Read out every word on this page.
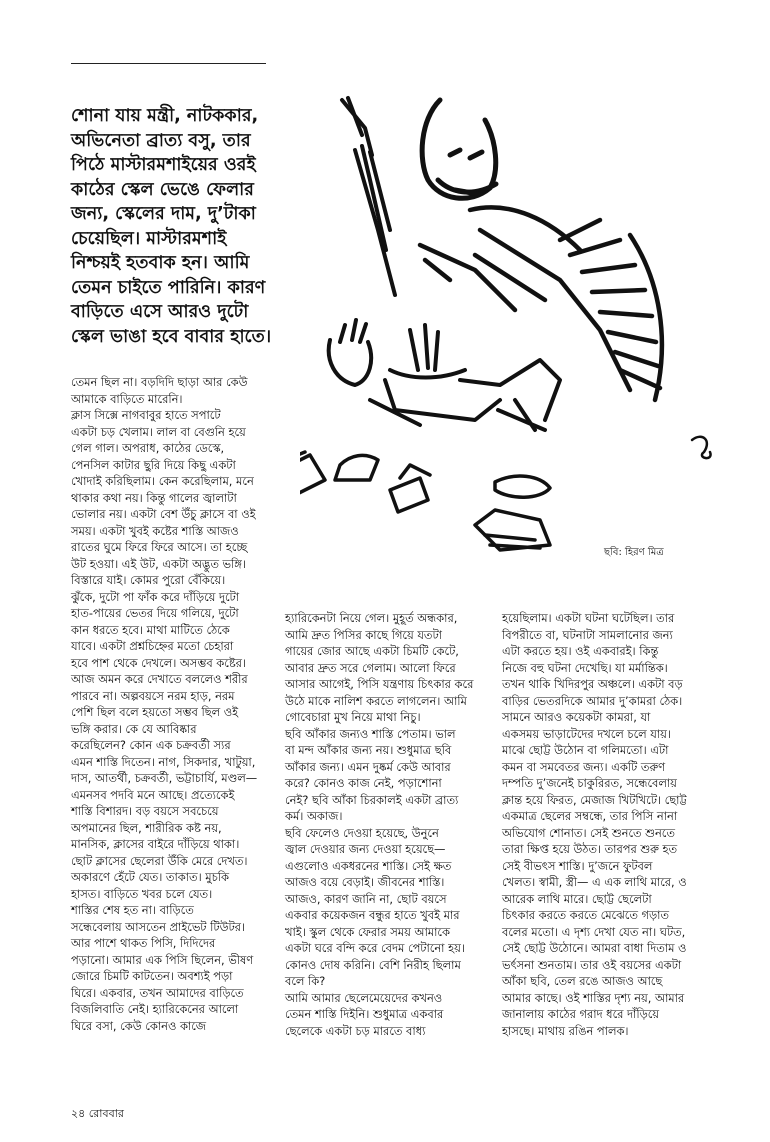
শোনা যায় মন্ত্রী, নাটককার,
অভিনেতা ব্রাত্য বসু, তার
পিঠে মাস্টারমশাইয়ের ওরই
কাঠের স্কেল ভেঙে ফেলার
জন্য, স্কেলের দাম, দু’টাকা
চেয়েছিল। মাস্টারমশাই
নিশ্চয়ই হতবাক হন। আমি
তেমন চাইতে পারিনি। কারণ
বাড়িতে এসে আরও দুটো
স্কেল ভাঙা হবে বাবার হাতে।
ছবি: হিরণ মিত্র
তেমন ছিল না। বড়দিদি ছাড়া আর কেউ
আমাকে বাড়িতে মারেনি।
ক্লাস সিক্সে নাগবাবুর হাতে সপাটে
একটা চড় খেলাম। লাল বা বেগুনি হয়ে
গেল গাল। অপরাধ, কাঠের ডেস্কে,
পেনসিল কাটার ছুরি দিয়ে কিছু একটা
খোদাই করিছিলাম। কেন করেছিলাম, মনে
থাকার কথা নয়। কিন্তু গালের জ্বালাটা
ভোলার নয়। একটা বেশ উঁচু ক্লাসে বা ওই
সময়। একটা খুবই কষ্টের শাস্তি আজও
রাতের ঘুমে ফিরে ফিরে আসে। তা হচ্ছে
উট হওয়া। এই উট, একটা অদ্ভুত ভঙ্গি।
বিস্তারে যাই। কোমর পুরো বেঁকিয়ে।
ঝুঁকে, দুটো পা ফাঁক করে দাঁড়িয়ে দুটো
হাত-পায়ের ভেতর দিয়ে গলিয়ে, দুটো
কান ধরতে হবে। মাথা মাটিতে ঠেকে
যাবে। একটা প্রশ্নচিহ্নের মতো চেহারা
হবে পাশ থেকে দেখলে। অসম্ভব কষ্টের।
আজ অমন করে দেখাতে বললেও শরীর
পারবে না। অল্পবয়সে নরম হাড়, নরম
পেশি ছিল বলে হয়তো সম্ভব ছিল ওই
ভঙ্গি করার। কে যে আবিষ্কার
করেছিলেন? কোন এক চক্রবর্তী স্যর
এমন শাস্তি দিতেন। নাগ, সিকদার, খাটুয়া,
দাস, আতর্থী, চক্রবর্তী, ভট্টাচার্যি, মণ্ডল—
এমনসব পদবি মনে আছে। প্রত্যেকেই
শাস্তি বিশারদ। বড় বয়সে সবচেয়ে
অপমানের ছিল, শারীরিক কষ্ট নয়,
মানসিক, ক্লাসের বাইরে দাঁড়িয়ে থাকা।
ছোট ক্লাসের ছেলেরা উঁকি মেরে দেখত।
অকারণে হেঁটে যেত। তাকাত। মুচকি
হাসত। বাড়িতে খবর চলে যেত।
শাস্তির শেষ হত না। বাড়িতে
সন্ধেবেলায় আসতেন প্রাইভেট টিউটর।
আর পাশে থাকত পিসি, দিদিদের
পড়ানো। আমার এক পিসি ছিলেন, ভীষণ
জোরে চিমটি কাটতেন। অবশ্যই পড়া
ঘিরে। একবার, তখন আমাদের বাড়িতে
বিজলিবাতি নেই। হ্যারিকেনের আলো
ঘিরে বসা, কেউ কোনও কাজে
হ্যারিকেনটা নিয়ে গেল। মুহূর্ত অন্ধকার,
আমি দ্রুত পিসির কাছে গিয়ে যতটা
গায়ের জোর আছে একটা চিমটি কেটে,
আবার দ্রুত সরে গেলাম। আলো ফিরে
আসার আগেই, পিসি যন্ত্রণায় চিৎকার করে
উঠে মাকে নালিশ করতে লাগলেন। আমি
গোবেচারা মুখ নিয়ে মাথা নিচু।
ছবি আঁকার জন্যও শাস্তি পেতাম। ভাল
বা মন্দ আঁকার জন্য নয়। শুধুমাত্র ছবি
আঁকার জন্য। এমন দুষ্কর্ম কেউ আবার
করে? কোনও কাজ নেই, পড়াশোনা
নেই? ছবি আঁকা চিরকালই একটা ব্রাত্য
কর্ম। অকাজ।
ছবি ফেলেও দেওয়া হয়েছে, উনুনে
জ্বাল দেওয়ার জন্য দেওয়া হয়েছে—
এগুলোও একধরনের শাস্তি। সেই ক্ষত
আজও বয়ে বেড়াই। জীবনের শাস্তি।
আজও, কারণ জানি না, ছোট বয়সে
একবার কয়েকজন বন্ধুর হাতে খুবই মার
খাই। স্কুল থেকে ফেরার সময় আমাকে
একটা ঘরে বন্দি করে বেদম পেটানো হয়।
কোনও দোষ করিনি। বেশি নিরীহ ছিলাম
বলে কি?
আমি আমার ছেলেমেয়েদের কখনও
তেমন শাস্তি দিইনি। শুধুমাত্র একবার
ছেলেকে একটা চড় মারতে বাধ্য
হয়েছিলাম। একটা ঘটনা ঘটেছিল। তার
বিপরীতে বা, ঘটনাটা সামলানোর জন্য
এটা করতে হয়। ওই একবারই। কিন্তু
নিজে বহু ঘটনা দেখেছি। যা মর্মান্তিক।
তখন থাকি খিদিরপুর অঞ্চলে। একটা বড়
বাড়ির ভেতরদিকে আমার দু’কামরা ঠেক।
সামনে আরও কয়েকটা কামরা, যা
একসময় ভাড়াটেদের দখলে চলে যায়।
মাঝে ছোট্ট উঠোন বা গলিমতো। এটা
কমন বা সমবেতর জন্য। একটি তরুণ
দম্পতি দু’জনেই চাকুরিরত, সন্ধেবেলায়
ক্লান্ত হয়ে ফিরত, মেজাজ খিটখিটে। ছোট্ট
একমাত্র ছেলের সম্বন্ধে, তার পিসি নানা
অভিযোগ শোনাত। সেই শুনতে শুনতে
তারা ক্ষিপ্ত হয়ে উঠত। তারপর শুরু হত
সেই বীভৎস শাস্তি। দু’জনে ফুটবল
খেলত। স্বামী, স্ত্রী— এ এক লাথি মারে, ও
আরেক লাথি মারে। ছোট্ট ছেলেটা
চিৎকার করতে করতে মেঝেতে গড়াত
বলের মতো। এ দৃশ্য দেখা যেত না। ঘটত,
সেই ছোট্ট উঠোনে। আমরা বাধা দিতাম ও
ভর্ৎসনা শুনতাম। তার ওই বয়সের একটা
আঁকা ছবি, তেল রঙে আজও আছে
আমার কাছে। ওই শাস্তির দৃশ্য নয়, আমার
জানালায় কাঠের গরাদ ধরে দাঁড়িয়ে
হাসছে। মাথায় রঙিন পালক।
২৪ রোববার
